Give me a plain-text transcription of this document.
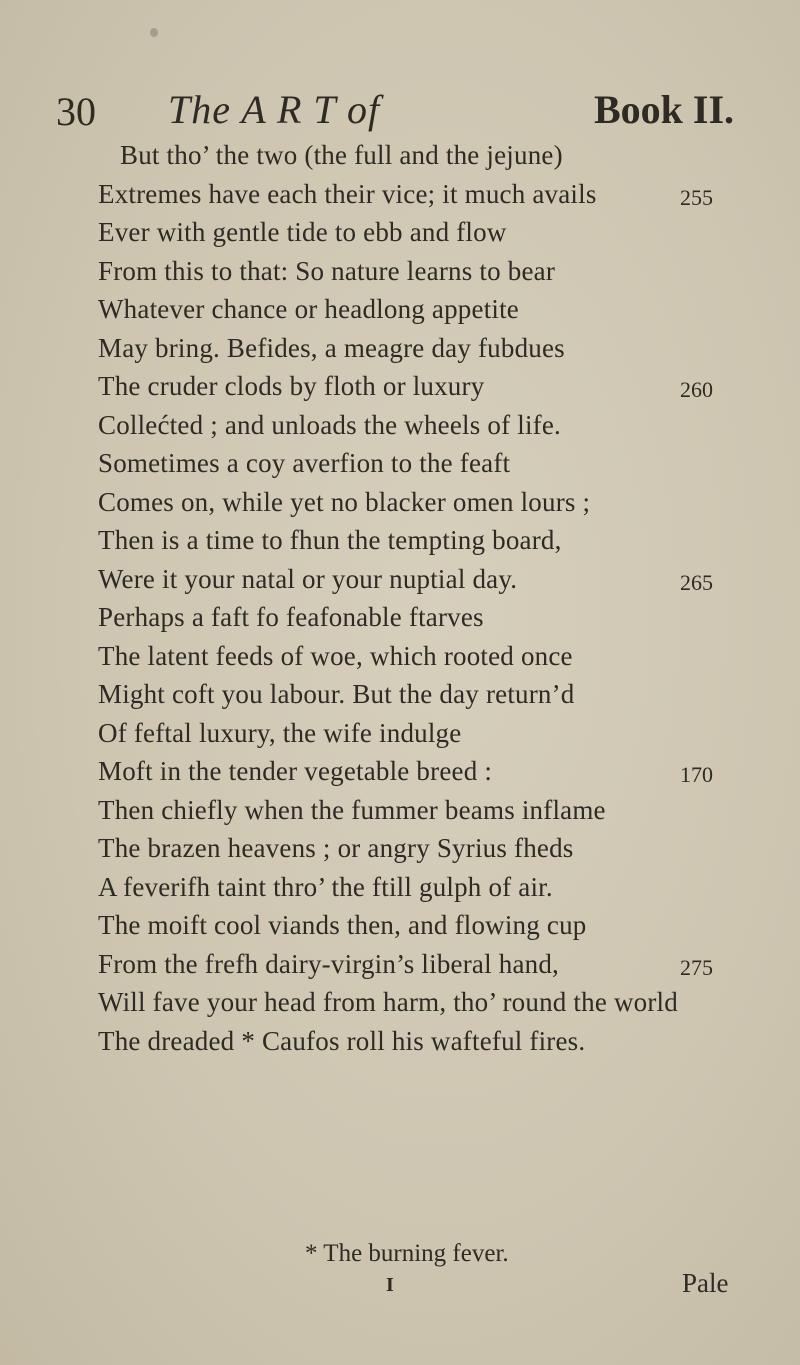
30 The A R T of	Book II.
But tho’ the two (the full and the jejune)
Extremes have each their vice; it much avails	255
Ever with gentle tide to ebb and flow
From this to that: So nature learns to bear
Whatever chance or headlong appetite
May bring. Befides, a meagre day fubdues
The cruder clods by floth or luxury	260
Collećted ; and unloads the wheels of life.
Sometimes a coy averfion to the feaft
Comes on, while yet no blacker omen lours ;
Then is a time to fhun the tempting board,
Were it your natal or your nuptial day.	265
Perhaps a faft fo feafonable ftarves
The latent feeds of woe, which rooted once
Might coft you labour. But the day return’d
Of feftal luxury, the wife indulge
Moft in the tender vegetable breed :	170
Then chiefly when the fummer beams inflame
The brazen heavens ; or angry Syrius fheds
A feverifh taint thro’ the ftill gulph of air.
The moift cool viands then, and flowing cup
From the frefh dairy-virgin’s liberal hand,	275
Will fave your head from harm, tho’ round the world
The dreaded * Caufos roll his wafteful fires.
* The burning fever.
I	Pale
